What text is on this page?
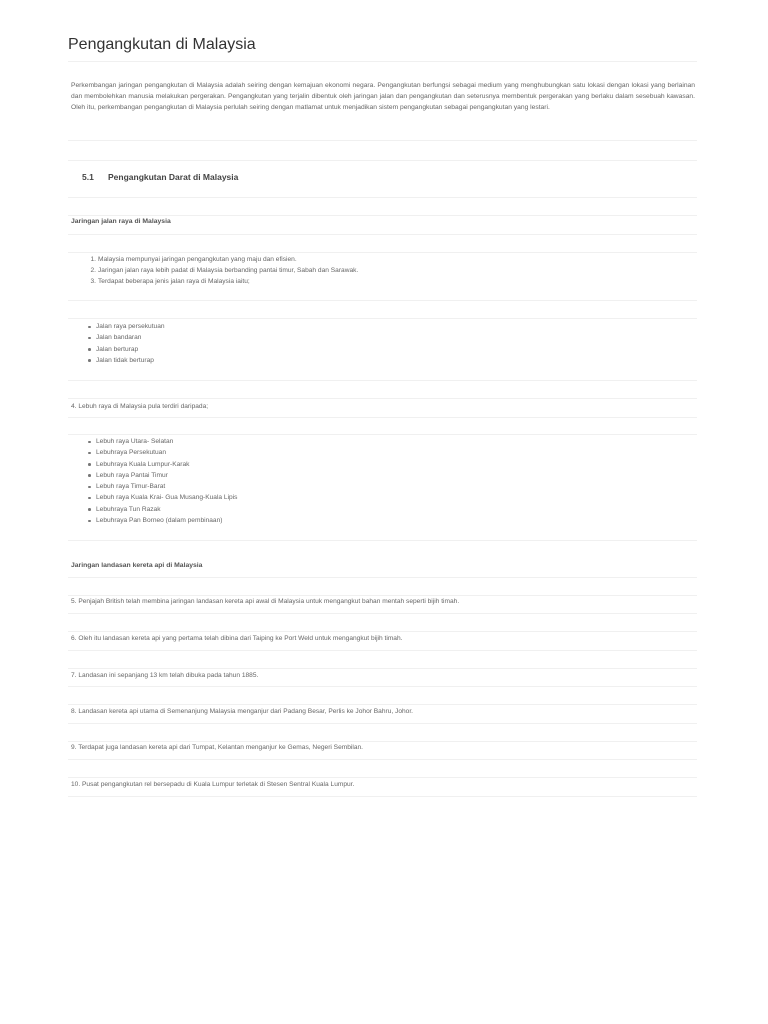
Pengangkutan di Malaysia

Perkembangan jaringan pengangkutan di Malaysia adalah seiring dengan kemajuan ekonomi negara. Pengangkutan berfungsi sebagai medium yang menghubungkan satu lokasi dengan lokasi yang berlainan dan membolehkan manusia melakukan pergerakan. Pengangkutan yang terjalin dibentuk oleh jaringan jalan dan pengangkutan dan seterusnya membentuk pergerakan yang berlaku dalam sesebuah kawasan. Oleh itu, perkembangan pengangkutan di Malaysia perlulah seiring dengan matlamat untuk menjadikan sistem pengangkutan sebagai pengangkutan yang lestari.

5.1 Pengangkutan Darat di Malaysia
Jaringan jalan raya di Malaysia
1. Malaysia mempunyai jaringan pengangkutan yang maju dan efisien.
2. Jaringan jalan raya lebih padat di Malaysia berbanding pantai timur, Sabah dan Sarawak.
3. Terdapat beberapa jenis jalan raya di Malaysia iaitu;
Jalan raya persekutuan
Jalan bandaran
Jalan berturap
Jalan tidak berturap
4. Lebuh raya di Malaysia pula terdiri daripada;
Lebuh raya Utara- Selatan
Lebuhraya Persekutuan
Lebuhraya Kuala Lumpur-Karak
Lebuh raya Pantai Timur
Lebuh raya Timur-Barat
Lebuh raya Kuala Krai- Gua Musang-Kuala Lipis
Lebuhraya Tun Razak
Lebuhraya Pan Borneo (dalam pembinaan)
Jaringan landasan kereta api di Malaysia
5. Penjajah British telah membina jaringan landasan kereta api awal di Malaysia untuk mengangkut bahan mentah seperti bijih timah.
6. Oleh itu landasan kereta api yang pertama telah dibina dari Taiping ke Port Weld untuk mengangkut bijih timah.
7. Landasan ini sepanjang 13 km telah dibuka pada tahun 1885.
8. Landasan kereta api utama di Semenanjung Malaysia menganjur dari Padang Besar, Perlis ke Johor Bahru, Johor.
9. Terdapat juga landasan kereta api dari Tumpat, Kelantan menganjur ke Gemas, Negeri Sembilan.
10. Pusat pengangkutan rel bersepadu di Kuala Lumpur terletak di Stesen Sentral Kuala Lumpur.
